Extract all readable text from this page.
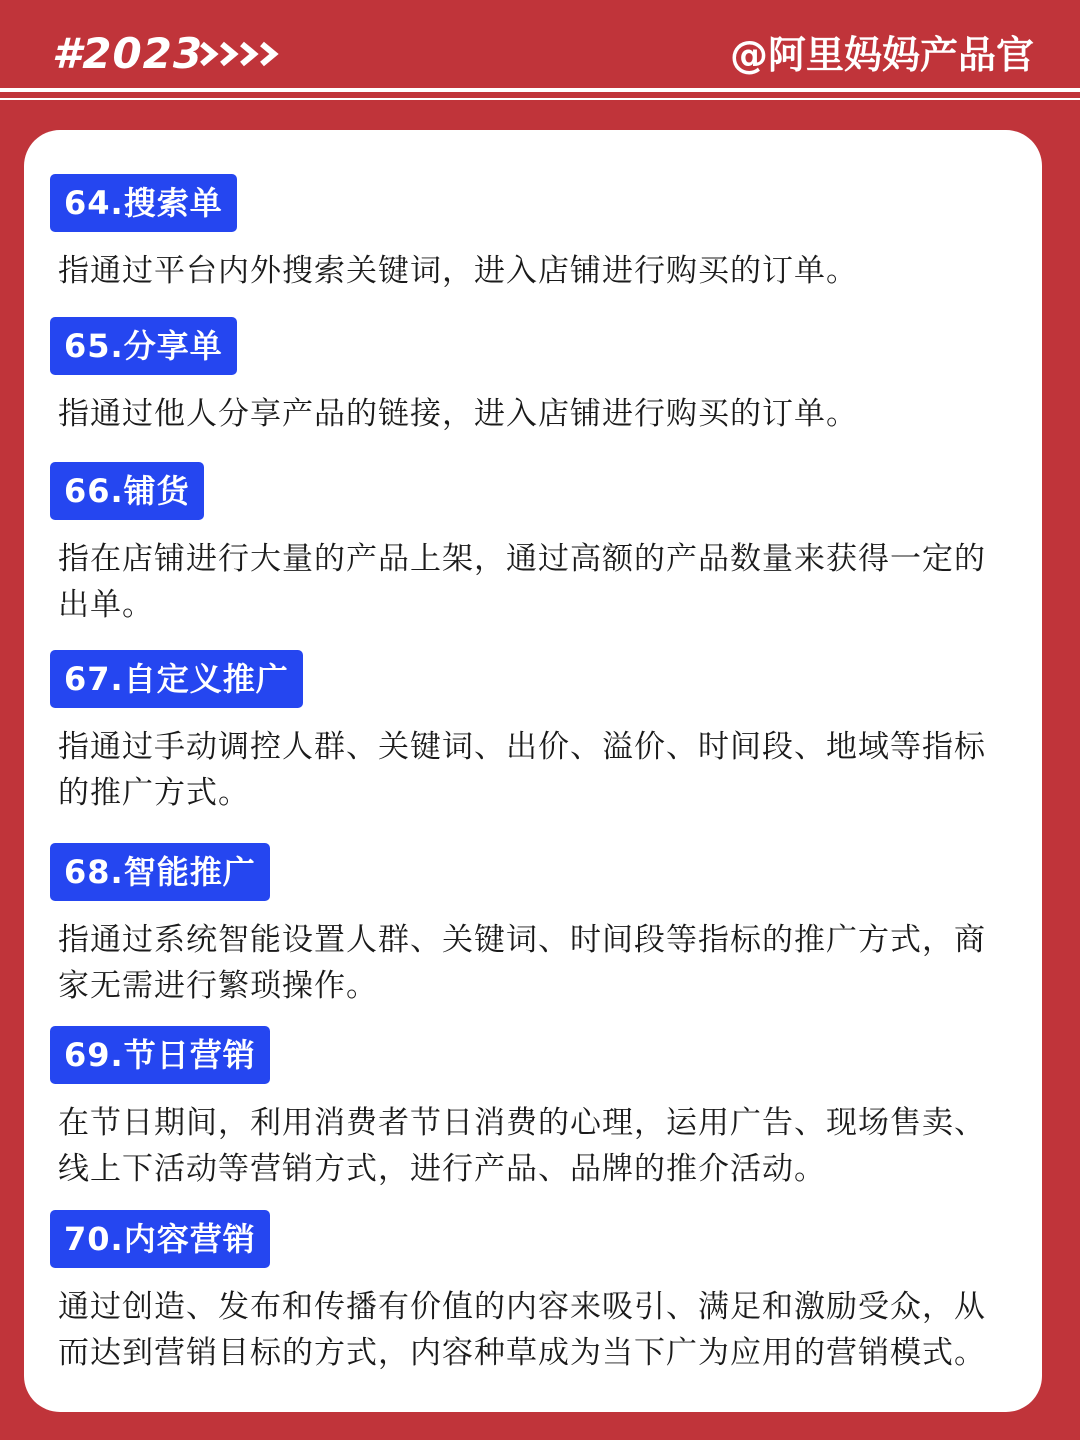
#2023	@阿里妈妈产品官
64.搜索单
指通过平台内外搜索关键词，进入店铺进行购买的订单。
65.分享单
指通过他人分享产品的链接，进入店铺进行购买的订单。
66.铺货
指在店铺进行大量的产品上架，通过高额的产品数量来获得一定的出单。
67.自定义推广
指通过手动调控人群、关键词、出价、溢价、时间段、地域等指标的推广方式。
68.智能推广
指通过系统智能设置人群、关键词、时间段等指标的推广方式，商家无需进行繁琐操作。
69.节日营销
在节日期间，利用消费者节日消费的心理，运用广告、现场售卖、线上下活动等营销方式，进行产品、品牌的推介活动。
70.内容营销
通过创造、发布和传播有价值的内容来吸引、满足和激励受众，从而达到营销目标的方式，内容种草成为当下广为应用的营销模式。
